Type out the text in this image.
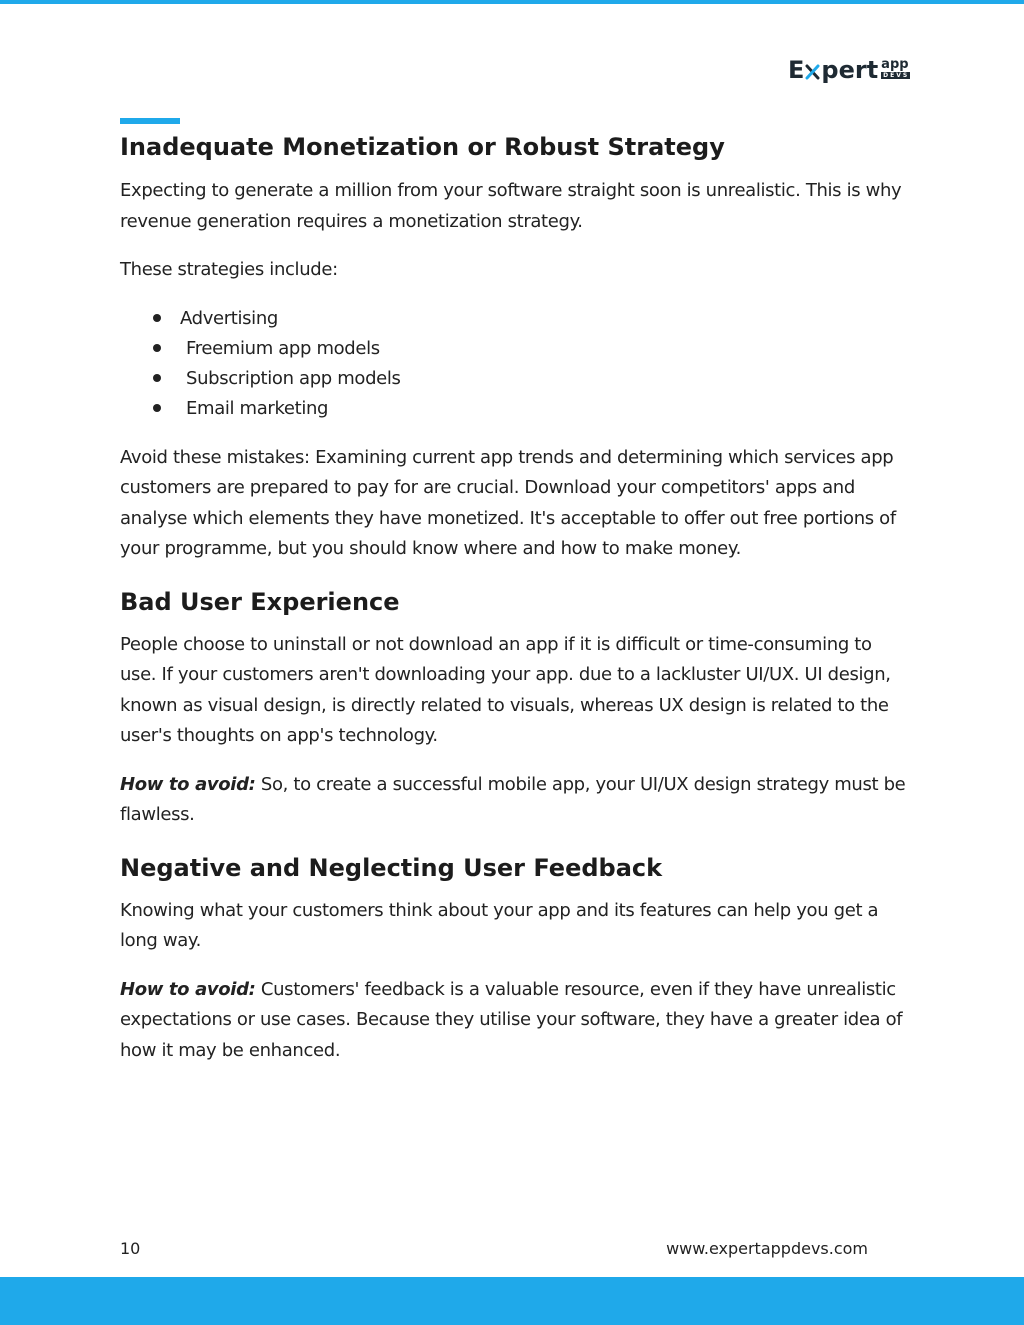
E pert app
DEVS
Inadequate Monetization or Robust Strategy

Expecting to generate a million from your software straight soon is unrealistic. This is why revenue generation requires a monetization strategy.

These strategies include:

Advertising
Freemium app models
Subscription app models
Email marketing

Avoid these mistakes: Examining current app trends and determining which services app customers are prepared to pay for are crucial. Download your competitors' apps and analyse which elements they have monetized. It's acceptable to offer out free portions of your programme, but you should know where and how to make money.

Bad User Experience

People choose to uninstall or not download an app if it is difficult or time-consuming to use. If your customers aren't downloading your app. due to a lackluster UI/UX. UI design, known as visual design, is directly related to visuals, whereas UX design is related to the user's thoughts on app's technology.

How to avoid: So, to create a successful mobile app, your UI/UX design strategy must be flawless.

Negative and Neglecting User Feedback

Knowing what your customers think about your app and its features can help you get a long way.

How to avoid: Customers' feedback is a valuable resource, even if they have unrealistic expectations or use cases. Because they utilise your software, they have a greater idea of how it may be enhanced.

10	www.expertappdevs.com
